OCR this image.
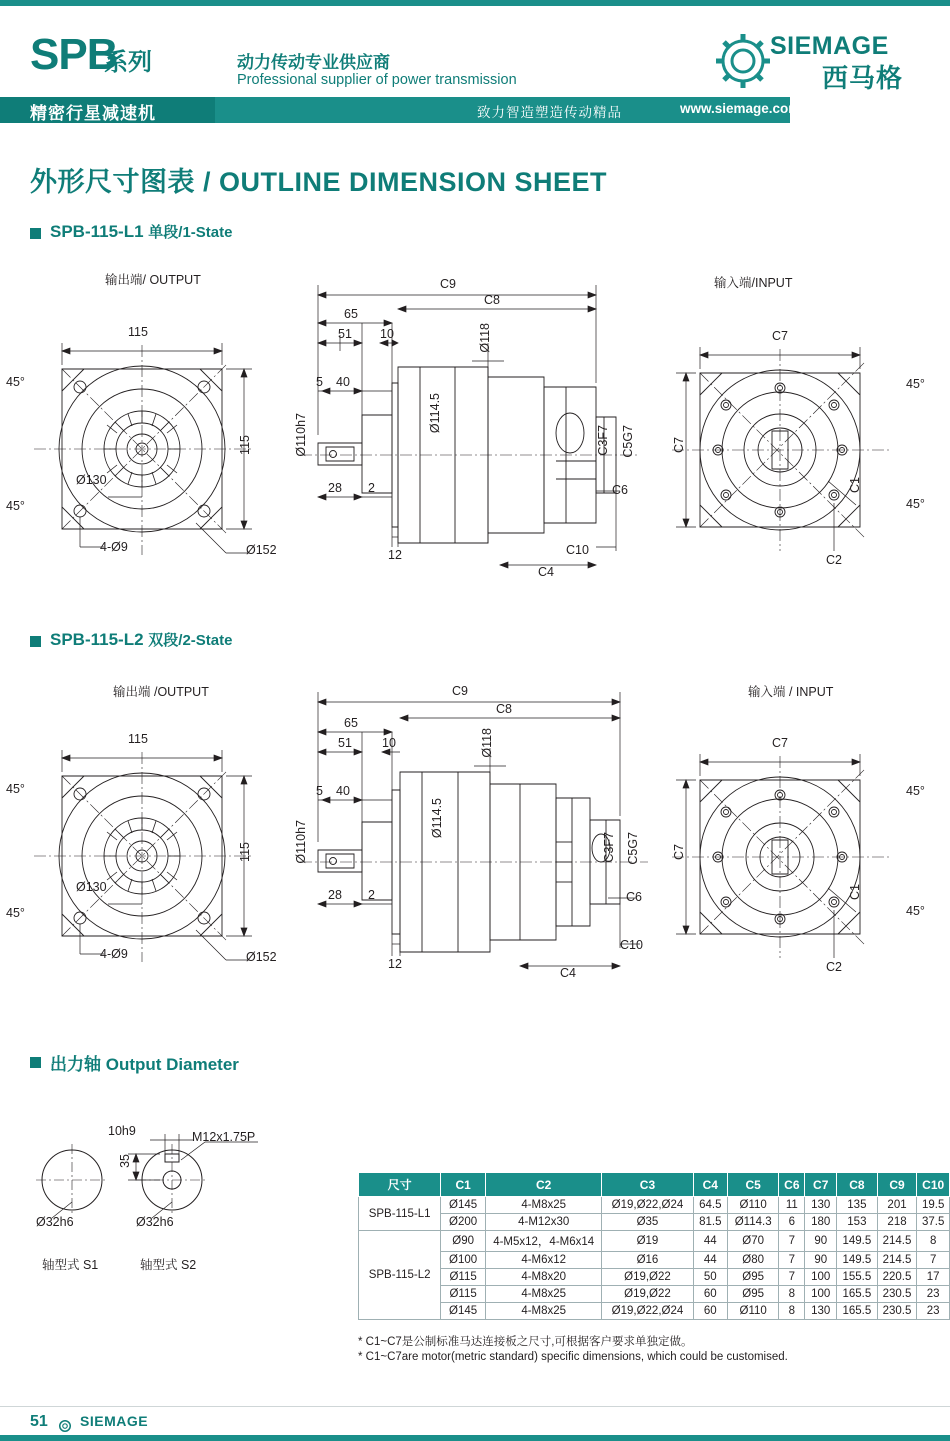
SPB
系列
精密行星减速机
动力传动专业供应商
Professional supplier of power transmission
致力智造塑造传动精品	www.siemage.com
SIEMAGE
西马格
外形尺寸图表 / OUTLINE DIMENSION SHEET
SPB-115-L1 单段/1-State
输出端/ OUTPUT	输入端/INPUT
115
115
Ø130
Ø152
4-Ø9
45°
45°
C9
C8
65
51 10
5 40
28 2
12
Ø118
Ø114.5
Ø110h7	C3F7 C5G7
C6
C10
C4
C7
C7
C1
C2
45°
45°
SPB-115-L2 双段/2-State
输出端 /OUTPUT	输入端 / INPUT
115
115
Ø130
Ø152
4-Ø9
45°
45°
C9
C8
65
51 10
5 40
28 2
12
Ø118
Ø114.5
Ø110h7	C3F7 C5G7
C6
C10
C4
C7
C7
C1
C2
45°
45°
出力轴 Output Diameter
轴型式 S1	轴型式 S2
Ø32h6	Ø32h6
10h9
35
M12x1.75P
尺寸	C1	C2	C3	C4	C5	C6	C7	C8	C9	C10
SPB-115-L1	Ø145	4-M8x25	Ø19,Ø22,Ø24	64.5	Ø110	11	130	135	201	19.5
	Ø200	4-M12x30	Ø35	81.5	Ø114.3	6	180	153	218	37.5
SPB-115-L2	Ø90	4-M5x12，4-M6x14	Ø19	44	Ø70	7	90	149.5	214.5	8
	Ø100	4-M6x12	Ø16	44	Ø80	7	90	149.5	214.5	7
	Ø115	4-M8x20	Ø19,Ø22	50	Ø95	7	100	155.5	220.5	17
	Ø115	4-M8x25	Ø19,Ø22	60	Ø95	8	100	165.5	230.5	23
	Ø145	4-M8x25	Ø19,Ø22,Ø24	60	Ø110	8	130	165.5	230.5	23
* C1~C7是公制标准马达连接板之尺寸,可根据客户要求单独定做。
* C1~C7are motor(metric standard) specific dimensions, which could be customised.
51 SIEMAGE
